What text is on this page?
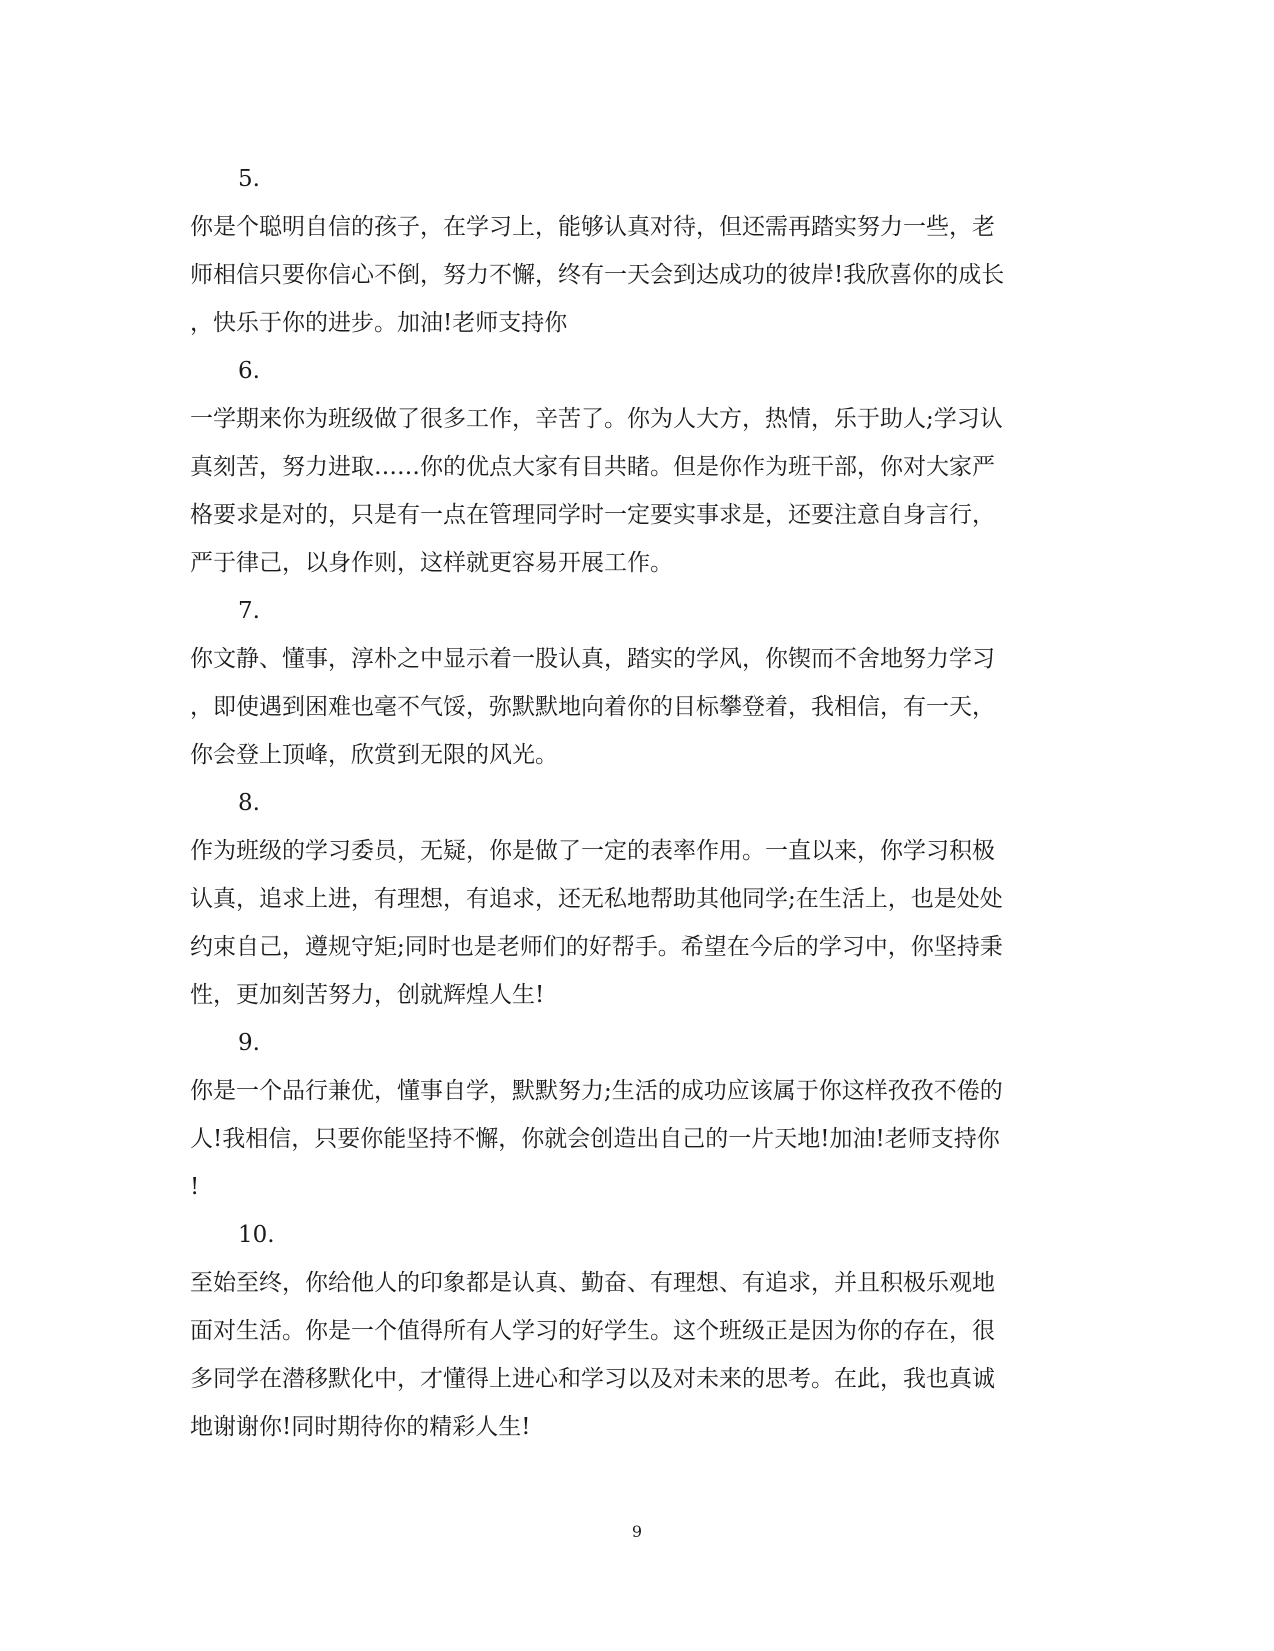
5.

你是个聪明自信的孩子，在学习上，能够认真对待，但还需再踏实努力一些，老
师相信只要你信心不倒，努力不懈，终有一天会到达成功的彼岸!我欣喜你的成长
，快乐于你的进步。加油!老师支持你

6.

一学期来你为班级做了很多工作，辛苦了。你为人大方，热情，乐于助人;学习认
真刻苦，努力进取……你的优点大家有目共睹。但是你作为班干部，你对大家严
格要求是对的，只是有一点在管理同学时一定要实事求是，还要注意自身言行，
严于律己，以身作则，这样就更容易开展工作。

7.

你文静、懂事，淳朴之中显示着一股认真，踏实的学风，你锲而不舍地努力学习
，即使遇到困难也毫不气馁，弥默默地向着你的目标攀登着，我相信，有一天，
你会登上顶峰，欣赏到无限的风光。

8.

作为班级的学习委员，无疑，你是做了一定的表率作用。一直以来，你学习积极
认真，追求上进，有理想，有追求，还无私地帮助其他同学;在生活上，也是处处
约束自己，遵规守矩;同时也是老师们的好帮手。希望在今后的学习中，你坚持秉
性，更加刻苦努力，创就辉煌人生!

9.

你是一个品行兼优，懂事自学，默默努力;生活的成功应该属于你这样孜孜不倦的
人!我相信，只要你能坚持不懈，你就会创造出自己的一片天地!加油!老师支持你
!

10.

至始至终，你给他人的印象都是认真、勤奋、有理想、有追求，并且积极乐观地
面对生活。你是一个值得所有人学习的好学生。这个班级正是因为你的存在，很
多同学在潜移默化中，才懂得上进心和学习以及对未来的思考。在此，我也真诚
地谢谢你!同时期待你的精彩人生!

9
